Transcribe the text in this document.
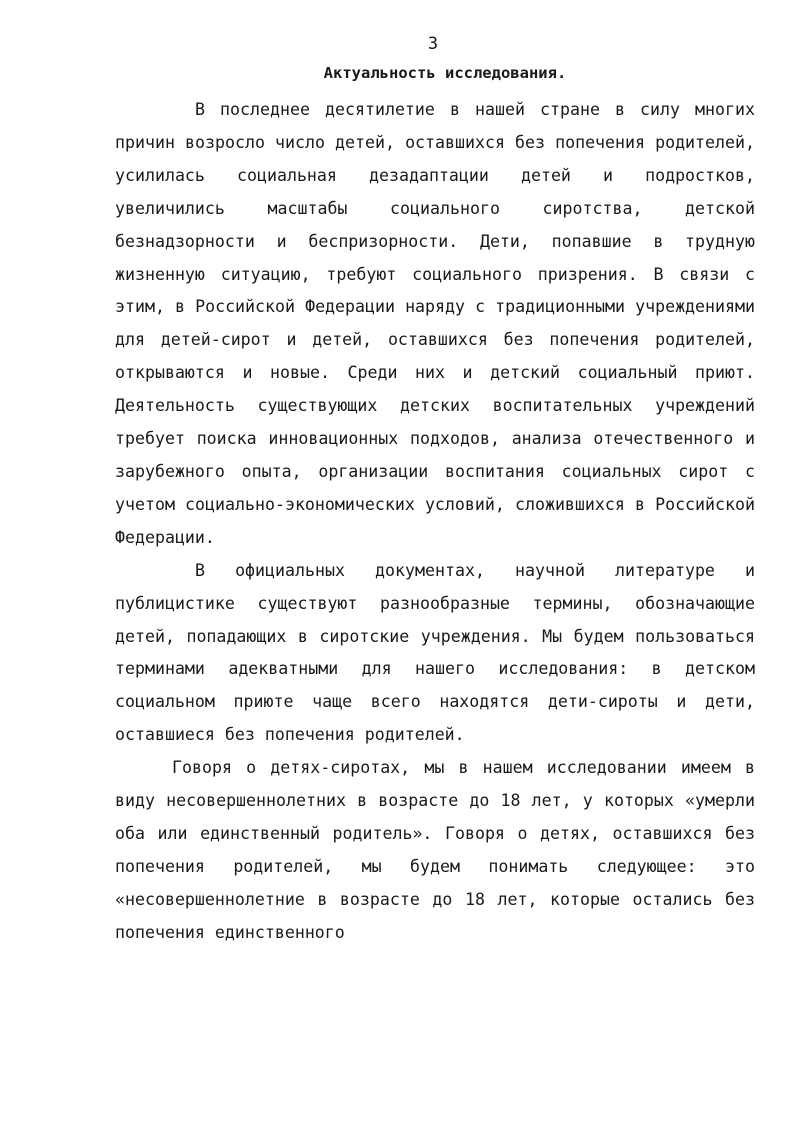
3
Актуальность исследования.

В последнее десятилетие в нашей стране в силу многих причин возросло число детей, оставшихся без попечения родителей, усилилась социальная дезадаптации детей и подростков, увеличились масштабы социального сиротства, детской безнадзорности и беспризорности. Дети, попавшие в трудную жизненную ситуацию, требуют социального призрения. В связи с этим, в Российской Федерации наряду с традиционными учреждениями для детей-сирот и детей, оставшихся без попечения родителей, открываются и новые. Среди них и детский социальный приют. Деятельность существующих детских воспитательных учреждений требует поиска инновационных подходов, анализа отечественного и зарубежного опыта, организации воспитания социальных сирот с учетом социально-экономических условий, сложившихся в Российской Федерации.

В официальных документах, научной литературе и публицистике существуют разнообразные термины, обозначающие детей, попадающих в сиротские учреждения. Мы будем пользоваться терминами адекватными для нашего исследования: в детском социальном приюте чаще всего находятся дети-сироты и дети, оставшиеся без попечения родителей.

Говоря о детях-сиротах, мы в нашем исследовании имеем в виду несовершеннолетних в возрасте до 18 лет, у которых «умерли оба или единственный родитель». Говоря о детях, оставшихся без попечения родителей, мы будем понимать следующее: это «несовершеннолетние в возрасте до 18 лет, которые остались без попечения единственного
